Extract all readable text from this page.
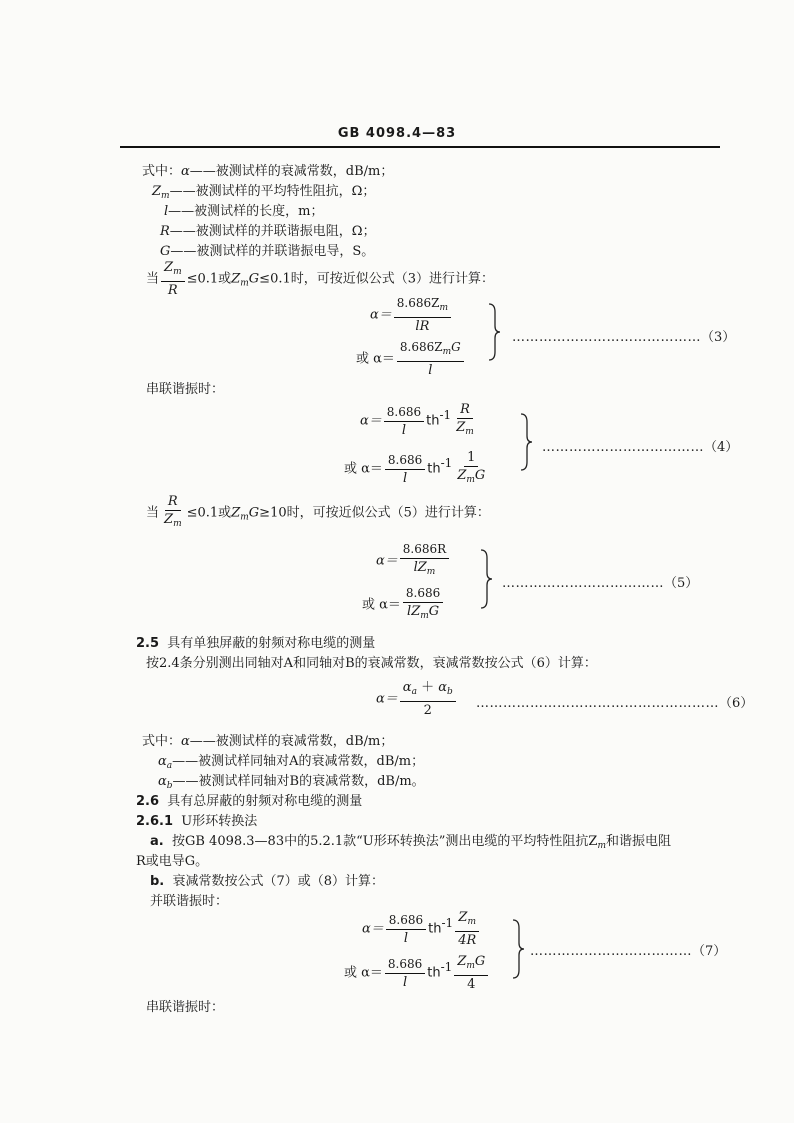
GB 4098.4—83
式中：α——被测试样的衰减常数，dB/m；
$Z_m——$被测试样的平均特性阻抗，Ω；
l——被测试样的长度，m；
R——被测试样的并联谐振电阻，Ω；
G——被测试样的并联谐振电导，S。
当 $\frac{Z_m}{R} \le 0.1$或$Z_mG\le 0.1$时，可按近似公式（3）进行计算：
$\alpha= \frac{8.686Z_m}{lR}$
或 $\alpha= \frac{8.686Z_mG}{l}$
……………………………………（3）
串联谐振时：
$\alpha= \frac{8.686}{l} th^{-1} \frac{R}{Z_m}$
或 $\alpha= \frac{8.686}{l} th^{-1} \frac{1}{Z_mG}$
………………………………（4）
当 $\frac{R}{Z_m} \le 0.1$或$Z_mG\ge 10$时，可按近似公式（5）进行计算：
$\alpha= \frac{8.686R}{lZ_m}$
或 $\alpha= \frac{8.686}{lZ_mG}$
………………………………（5）
2.5 具有单独屏蔽的射频对称电缆的测量
按2.4条分别测出同轴对A和同轴对B的衰减常数，衰减常数按公式（6）计算：
$\alpha= \frac{\alpha_a + \alpha_b}{2}$ ………………………………………………（6）
式中：α——被测试样的衰减常数，dB/m；
$\alpha_a——$被测试样同轴对A的衰减常数，dB/m；
$\alpha_b——$被测试样同轴对B的衰减常数，dB/m。
2.6 具有总屏蔽的射频对称电缆的测量
2.6.1 U形环转换法
a. 按GB 4098.3—83中的5.2.1款“U形环转换法”测出电缆的平均特性阻抗$Z_m$和谐振电阻
R或电导G。
b. 衰减常数按公式（7）或（8）计算：
并联谐振时：
$\alpha= \frac{8.686}{l} th^{-1} \frac{Z_m}{4R}$
或 $\alpha= \frac{8.686}{l} th^{-1} \frac{Z_mG}{4}$
………………………………（7）
串联谐振时：
